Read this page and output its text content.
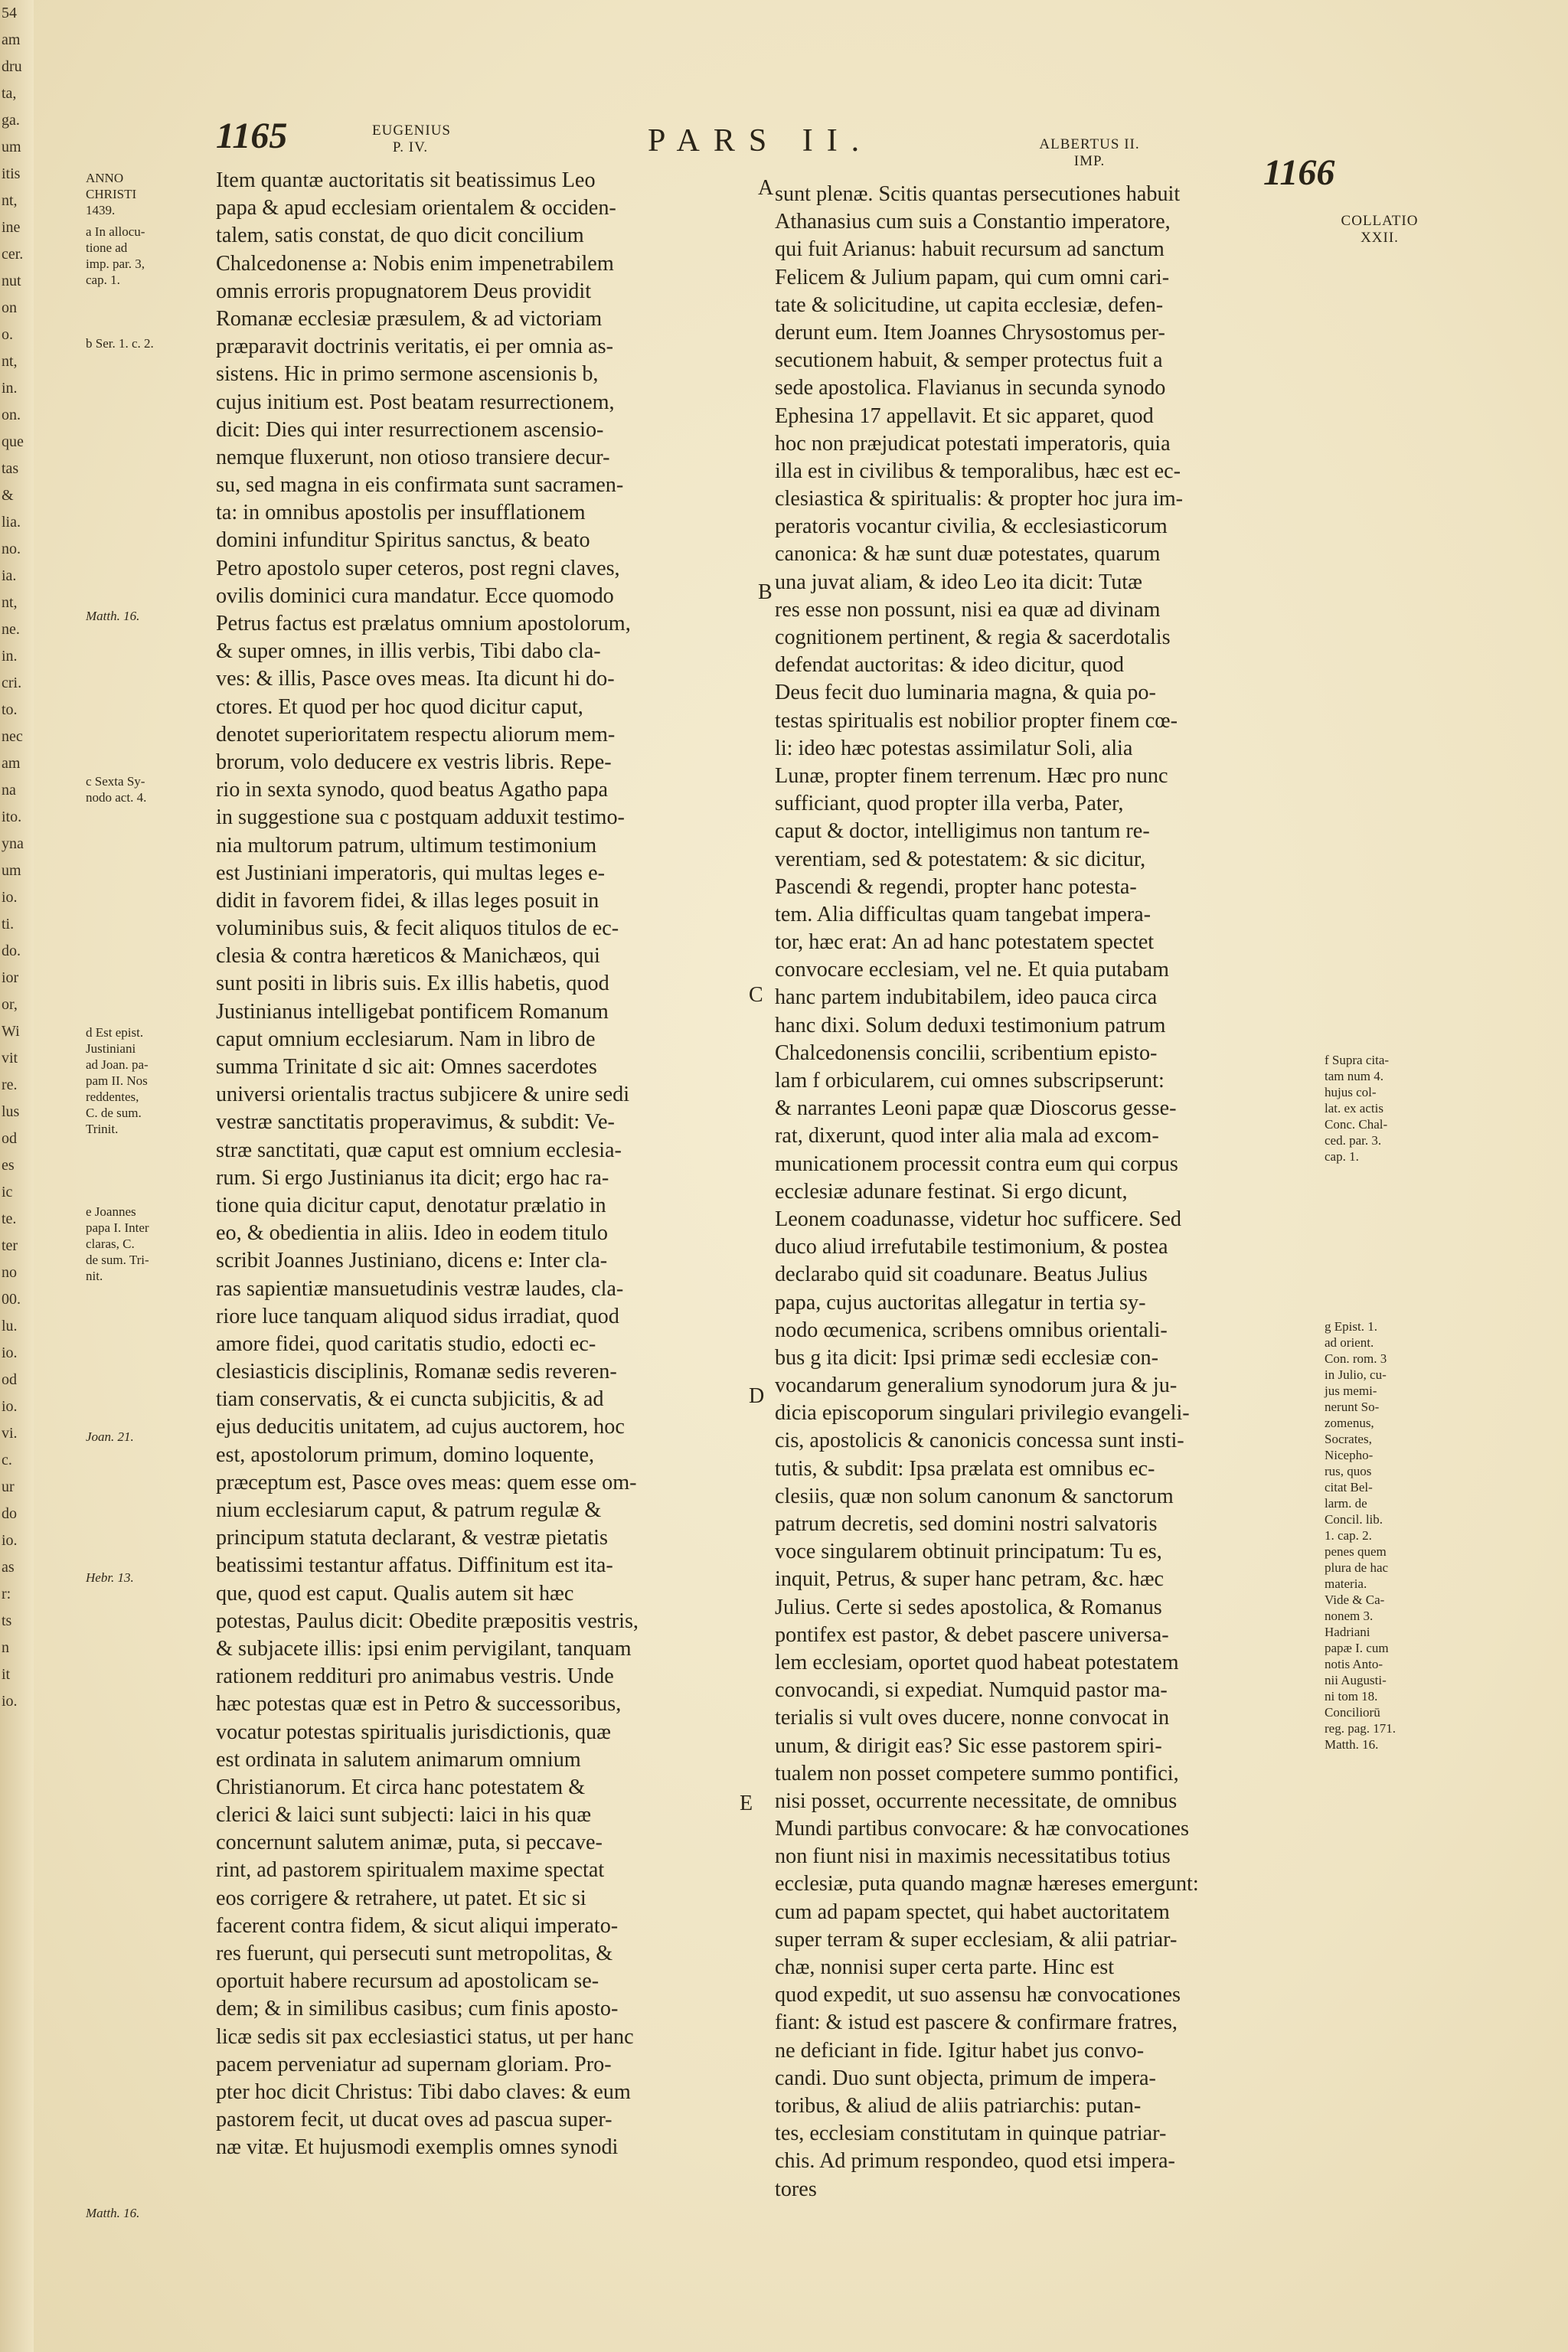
54
am
dru
ta,
ga.
um
itis
nt,
ine
cer.
nut
on
o.
nt,
in.
on.
que
tas
&
lia.
no.
ia.
nt,
ne.
in.
cri.
to.
nec
am
na
ito.
yna
um
io.
ti.
do.
ior
or,
Wi
vit
re.
lus
od
es
ic
te.
ter
no
00.
lu.
io.
od
io.
vi.
c.
ur
do
io.
as
r:
ts
n
it
io.
1165	EUGENIUS
P. IV.	PARS II.	ALBERTUS II.
IMP.	1166
COLLATIO
XXII.
ANNO
CHRISTI
1439.
a In allocu-
tione ad
imp. par. 3,
cap. 1.
b Ser. 1. c. 2.
Matth. 16.
c Sexta Sy-
nodo act. 4.
d Est epist.
Justiniani
ad Joan. pa-
pam II. Nos
reddentes,
C. de sum.
Trinit.
e Joannes
papa I. Inter
claras, C.
de sum. Tri-
nit.
Joan. 21.
Hebr. 13.
Matth. 16.
Item quantæ auctoritatis sit beatissimus Leo
papa & apud ecclesiam orientalem & occiden-
talem, satis constat, de quo dicit concilium
Chalcedonense a: Nobis enim impenetrabilem
omnis erroris propugnatorem Deus providit
Romanæ ecclesiæ præsulem, & ad victoriam
præparavit doctrinis veritatis, ei per omnia as-
sistens. Hic in primo sermone ascensionis b,
cujus initium est. Post beatam resurrectionem,
dicit: Dies qui inter resurrectionem ascensio-
nemque fluxerunt, non otioso transiere decur-
su, sed magna in eis confirmata sunt sacramen-
ta: in omnibus apostolis per insufflationem
domini infunditur Spiritus sanctus, & beato
Petro apostolo super ceteros, post regni claves,
ovilis dominici cura mandatur. Ecce quomodo
Petrus factus est prælatus omnium apostolorum,
& super omnes, in illis verbis, Tibi dabo cla-
ves: & illis, Pasce oves meas. Ita dicunt hi do-
ctores. Et quod per hoc quod dicitur caput,
denotet superioritatem respectu aliorum mem-
brorum, volo deducere ex vestris libris. Repe-
rio in sexta synodo, quod beatus Agatho papa
in suggestione sua c postquam adduxit testimo-
nia multorum patrum, ultimum testimonium
est Justiniani imperatoris, qui multas leges e-
didit in favorem fidei, & illas leges posuit in
voluminibus suis, & fecit aliquos titulos de ec-
clesia & contra hæreticos & Manichæos, qui
sunt positi in libris suis. Ex illis habetis, quod
Justinianus intelligebat pontificem Romanum
caput omnium ecclesiarum. Nam in libro de
summa Trinitate d sic ait: Omnes sacerdotes
universi orientalis tractus subjicere & unire sedi
vestræ sanctitatis properavimus, & subdit: Ve-
stræ sanctitati, quæ caput est omnium ecclesia-
rum. Si ergo Justinianus ita dicit; ergo hac ra-
tione quia dicitur caput, denotatur prælatio in
eo, & obedientia in aliis. Ideo in eodem titulo
scribit Joannes Justiniano, dicens e: Inter cla-
ras sapientiæ mansuetudinis vestræ laudes, cla-
riore luce tanquam aliquod sidus irradiat, quod
amore fidei, quod caritatis studio, edocti ec-
clesiasticis disciplinis, Romanæ sedis reveren-
tiam conservatis, & ei cuncta subjicitis, & ad
ejus deducitis unitatem, ad cujus auctorem, hoc
est, apostolorum primum, domino loquente,
præceptum est, Pasce oves meas: quem esse om-
nium ecclesiarum caput, & patrum regulæ &
principum statuta declarant, & vestræ pietatis
beatissimi testantur affatus. Diffinitum est ita-
que, quod est caput. Qualis autem sit hæc
potestas, Paulus dicit: Obedite præpositis vestris,
& subjacete illis: ipsi enim pervigilant, tanquam
rationem reddituri pro animabus vestris. Unde
hæc potestas quæ est in Petro & successoribus,
vocatur potestas spiritualis jurisdictionis, quæ
est ordinata in salutem animarum omnium
Christianorum. Et circa hanc potestatem &
clerici & laici sunt subjecti: laici in his quæ
concernunt salutem animæ, puta, si peccave-
rint, ad pastorem spiritualem maxime spectat
eos corrigere & retrahere, ut patet. Et sic si
facerent contra fidem, & sicut aliqui imperato-
res fuerunt, qui persecuti sunt metropolitas, &
oportuit habere recursum ad apostolicam se-
dem; & in similibus casibus; cum finis aposto-
licæ sedis sit pax ecclesiastici status, ut per hanc
pacem perveniatur ad supernam gloriam. Pro-
pter hoc dicit Christus: Tibi dabo claves: & eum
pastorem fecit, ut ducat oves ad pascua super-
næ vitæ. Et hujusmodi exemplis omnes synodi
A
B
C
D
E
sunt plenæ. Scitis quantas persecutiones habuit
Athanasius cum suis a Constantio imperatore,
qui fuit Arianus: habuit recursum ad sanctum
Felicem & Julium papam, qui cum omni cari-
tate & solicitudine, ut capita ecclesiæ, defen-
derunt eum. Item Joannes Chrysostomus per-
secutionem habuit, & semper protectus fuit a
sede apostolica. Flavianus in secunda synodo
Ephesina 17 appellavit. Et sic apparet, quod
hoc non præjudicat potestati imperatoris, quia
illa est in civilibus & temporalibus, hæc est ec-
clesiastica & spiritualis: & propter hoc jura im-
peratoris vocantur civilia, & ecclesiasticorum
canonica: & hæ sunt duæ potestates, quarum
una juvat aliam, & ideo Leo ita dicit: Tutæ
res esse non possunt, nisi ea quæ ad divinam
cognitionem pertinent, & regia & sacerdotalis
defendat auctoritas: & ideo dicitur, quod
Deus fecit duo luminaria magna, & quia po-
testas spiritualis est nobilior propter finem cœ-
li: ideo hæc potestas assimilatur Soli, alia
Lunæ, propter finem terrenum. Hæc pro nunc
sufficiant, quod propter illa verba, Pater,
caput & doctor, intelligimus non tantum re-
verentiam, sed & potestatem: & sic dicitur,
Pascendi & regendi, propter hanc potesta-
tem. Alia difficultas quam tangebat impera-
tor, hæc erat: An ad hanc potestatem spectet
convocare ecclesiam, vel ne. Et quia putabam
hanc partem indubitabilem, ideo pauca circa
hanc dixi. Solum deduxi testimonium patrum
Chalcedonensis concilii, scribentium episto-
lam f orbicularem, cui omnes subscripserunt:
& narrantes Leoni papæ quæ Dioscorus gesse-
rat, dixerunt, quod inter alia mala ad excom-
municationem processit contra eum qui corpus
ecclesiæ adunare festinat. Si ergo dicunt,
Leonem coadunasse, videtur hoc sufficere. Sed
duco aliud irrefutabile testimonium, & postea
declarabo quid sit coadunare. Beatus Julius
papa, cujus auctoritas allegatur in tertia sy-
nodo œcumenica, scribens omnibus orientali-
bus g ita dicit: Ipsi primæ sedi ecclesiæ con-
vocandarum generalium synodorum jura & ju-
dicia episcoporum singulari privilegio evangeli-
cis, apostolicis & canonicis concessa sunt insti-
tutis, & subdit: Ipsa prælata est omnibus ec-
clesiis, quæ non solum canonum & sanctorum
patrum decretis, sed domini nostri salvatoris
voce singularem obtinuit principatum: Tu es,
inquit, Petrus, & super hanc petram, &c. hæc
Julius. Certe si sedes apostolica, & Romanus
pontifex est pastor, & debet pascere universa-
lem ecclesiam, oportet quod habeat potestatem
convocandi, si expediat. Numquid pastor ma-
terialis si vult oves ducere, nonne convocat in
unum, & dirigit eas? Sic esse pastorem spiri-
tualem non posset competere summo pontifici,
nisi posset, occurrente necessitate, de omnibus
Mundi partibus convocare: & hæ convocationes
non fiunt nisi in maximis necessitatibus totius
ecclesiæ, puta quando magnæ hæreses emergunt:
cum ad papam spectet, qui habet auctoritatem
super terram & super ecclesiam, & alii patriar-
chæ, nonnisi super certa parte. Hinc est
quod expedit, ut suo assensu hæ convocationes
fiant: & istud est pascere & confirmare fratres,
ne deficiant in fide. Igitur habet jus convo-
candi. Duo sunt objecta, primum de impera-
toribus, & aliud de aliis patriarchis: putan-
tes, ecclesiam constitutam in quinque patriar-
chis. Ad primum respondeo, quod etsi impera-
tores
f Supra cita-
tam num 4.
hujus col-
lat. ex actis
Conc. Chal-
ced. par. 3.
cap. 1.
g Epist. 1.
ad orient.
Con. rom. 3
in Julio, cu-
jus memi-
nerunt So-
zomenus,
Socrates,
Nicepho-
rus, quos
citat Bel-
larm. de
Concil. lib.
1. cap. 2.
penes quem
plura de hac
materia.
Vide & Ca-
nonem 3.
Hadriani
papæ I. cum
notis Anto-
nii Augusti-
ni tom 18.
Conciliorū
reg. pag. 171.
Matth. 16.
